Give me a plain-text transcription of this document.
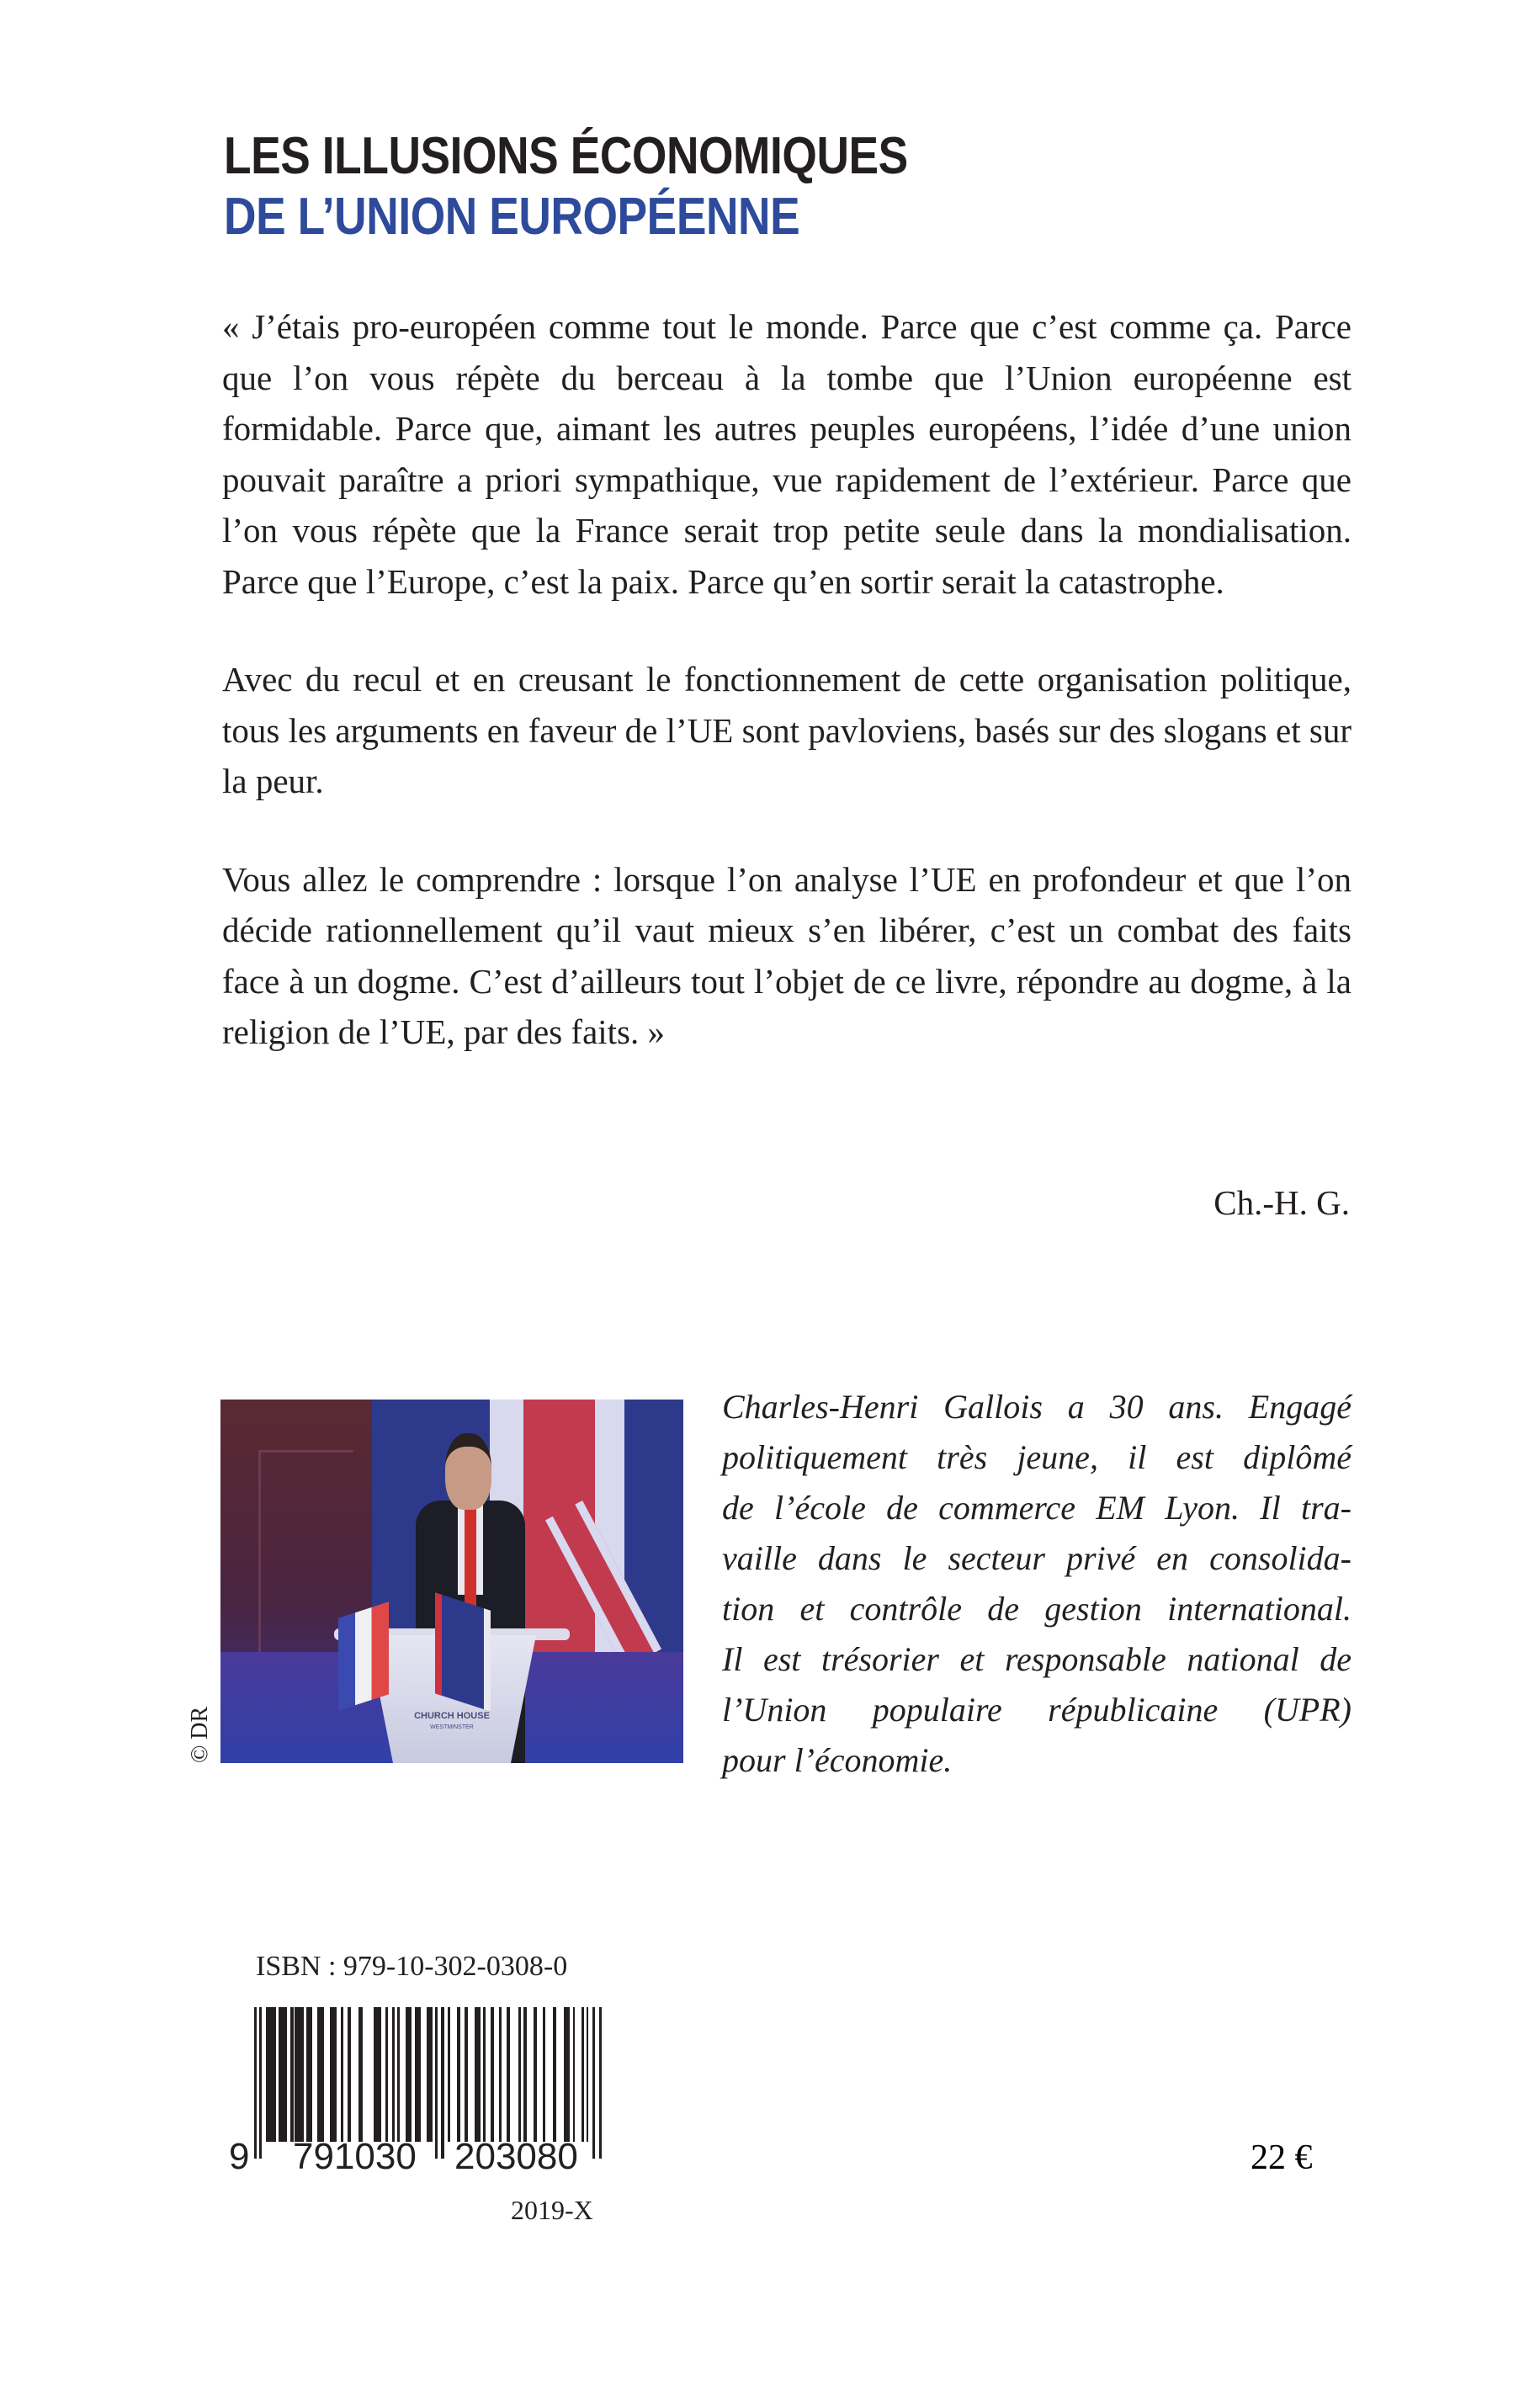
LES ILLUSIONS ÉCONOMIQUES
DE L’UNION EUROPÉENNE

« J’étais pro-européen comme tout le monde. Parce que c’est comme ça. Parce que l’on vous répète du berceau à la tombe que l’Union européenne est formidable. Parce que, aimant les autres peuples européens, l’idée d’une union pouvait paraître a priori sympathique, vue rapidement de l’extérieur. Parce que l’on vous répète que la France serait trop petite seule dans la mondialisation. Parce que l’Europe, c’est la paix. Parce qu’en sortir serait la catastrophe.

Avec du recul et en creusant le fonctionnement de cette organisation politique, tous les arguments en faveur de l’UE sont pavloviens, basés sur des slogans et sur la peur.

Vous allez le comprendre : lorsque l’on analyse l’UE en profondeur et que l’on décide rationnellement qu’il vaut mieux s’en libérer, c’est un combat des faits face à un dogme. C’est d’ailleurs tout l’objet de ce livre, répondre au dogme, à la religion de l’UE, par des faits. »

Ch.-H. G.
CHURCH HOUSE
WESTMINSTER
© DR
Charles-Henri Gallois a 30 ans. Engagé
politiquement très jeune, il est diplômé
de l’école de commerce EM Lyon. Il tra-
vaille dans le secteur privé en consolida-
tion et contrôle de gestion international.
Il est trésorier et responsable national de
l’Union populaire républicaine (UPR)
pour l’économie.
ISBN : 979-10-302-0308-0
9 791030 203080
2019-X
22 €
